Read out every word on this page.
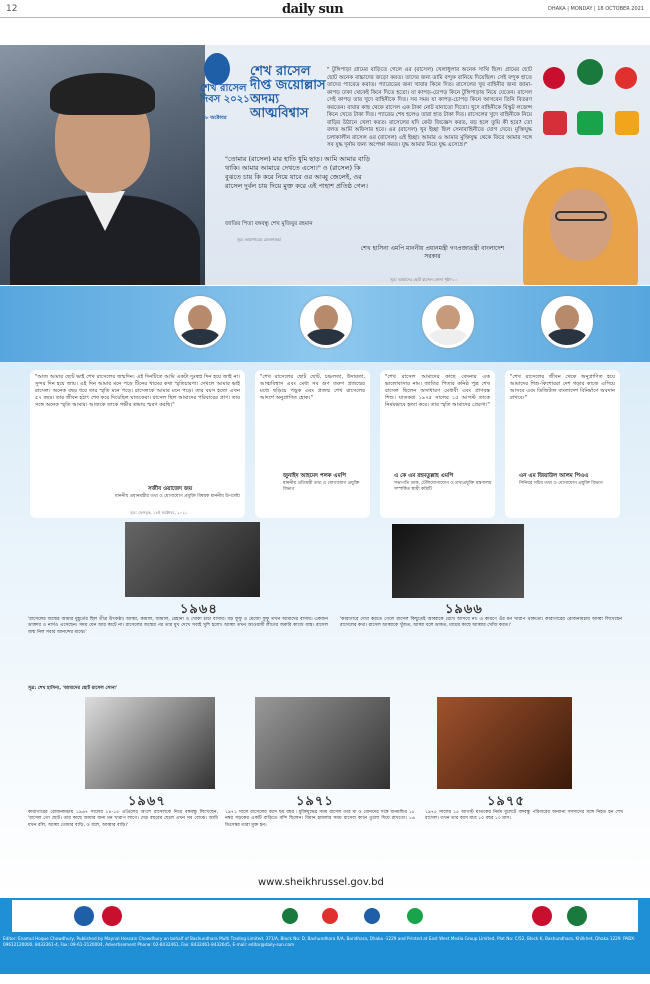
12	daily sun	DHAKA | MONDAY | 18 OCTOBER 2021
শেখ রাসেল দিবস ২০২১
১৮ অক্টোবর
শেখ রাসেল দীপ্ত জয়োল্লাস অদম্য আত্মবিশ্বাস
"তোমার (রাসেল) মার হাতি ধুমি ছাড়। আমি আমার বাড়ি থাকি। আমার আমারে দেখতে এসো।" ও (রাসেল) কি বুঝতে চায় কি করে নিয়ে যাবে ওর আব্বু জেলেই, ওর রাসেল দুর্বল চায় দিয়ে মুক্ত করে এই পাহাশ প্রতিষ্ঠ গেল।
জাতির পিতা বঙ্গবন্ধু শেখ মুজিবুর রহমান
সূত্র: কারাগারের রোজনামচা
" টুঙ্গিপাড়া গ্রামের বাড়িতে গেলে ওর (রাসেল) খেলাধুলার অনেক সাথি ছিল। গ্রামের ছোট ছোট অনেক বাচ্চাদের জড়ো করত। তাদের জন্য ডামি বন্দুক বানিয়ে দিয়েছিল। সেই বন্দুক হাতে তাদের প্যারেড করাত। প্যারেডের জন্য খাবার কিনে দিত। রাসেলের খুব বাহিনীর জন্য জামা-কাপড় ঢাকা থেকেই কিনে দিতে হতো। যা কাপড়-চোপড় কিনে টুঙ্গিপাড়ায় নিয়ে যেতেন। রাসেল সেই কাপড় তার খুদে বাহিনীকে দিত। সব সময় যা কাপড়-চোপড় কিনে আসবেন তিনি বিতরণ করতেন। বাবার কাছ থেকে রাসেল এক টাকা নোট বানাতো দিতো। খুদে বাহিনীকে বিস্কুট লজেন্স কিনে খেতে টাকা দিত। প্যারেড শেষ হলেও তারা হাত টাকা দিত। রাসেলের খুদে বাহিনীকে নিয়ে বাড়ির উঠানে খেলা করত। রাসেলের যদি কেউ জিজ্ঞেস করত, বড় হলে তুমি কী হবে? তো বলত আর্মি অফিসার হবে। ওর (রাসেল) খুব ইচ্ছা ছিল সেনাবাহিনীতে যোগ দেবে। মুক্তিযুদ্ধ চলাকালীন রাসেল ওর (রাসেল) এই ইচ্ছা। আমার ও আমার মুক্তিযুদ্ধ থেকে ফিরে আমার সঙ্গে সব যুদ্ধ দুর্নাম জন্য অপেক্ষা করত। যুদ্ধ আমার নিয়ে যুদ্ধ এসেছে।"
শেখ হাসিনা এমপি মাননীয় প্রধানমন্ত্রী গণপ্রজাতন্ত্রী বাংলাদেশ সরকার
সূত্র: আমাদের ছোট রাসেল সোনা পৃষ্ঠা-১০
"আজ আমার ছোট ভাই শেখ রাসেলের জন্মদিন। এই দিনটিতে আমি একটা দুঃস্বপ্ন দিন হয়ে জাই না। সুন্দর দিন হয়ে জায়। এই দিন আমার মনে পড়ে টিনের খামের কথা স্মৃতিচারণা। দেখলে আমার ভাই রাসেল। অনেক বছর ধরে তার স্মৃতি মনে পড়ে। রাসেলকে আমার মনে পড়ে। তার বয়স হতো এখন ৫৭ বছর। তার জীবন হঠাৎ শেষ করে দিয়েছিল ঘাতকেরা। রাসেল ছিল আমাদের পরিবারের প্রাণ। তার সঙ্গে অনেক স্মৃতি আমার। আজকে তাকে গভীর শ্রদ্ধায় স্মরণ করছি।"
সজীব ওয়াজেদ জয়
মাননীয় প্রধানমন্ত্রীর তথ্য ও যোগাযোগ প্রযুক্তি বিষয়ক মাননীয় উপদেষ্টা
সূত্র: ফেসবুক, ১৮ই অক্টোবর, ২০২১
"শেখ রাসেলের ছোট ছোট, চঞ্চলতা, উদারতা, আত্মবিশ্বাস এবং মেধা সব গুণ তরুণ প্রজন্মের মধ্যে ছড়িয়ে পড়ুক এবং প্রজন্ম শেখ রাসেলের আদর্শে অনুপ্রাণিত হোক।"
জুনাইদ আহমেদ পলক এমপি
মাননীয় প্রতিমন্ত্রী তথ্য ও যোগাযোগ প্রযুক্তি বিভাগ
"শেখ রাসেল আমাদের কাছে বেদনার এক ভালোবাসার নাম। জাতির পিতার কনিষ্ঠ পুত্র শেখ রাসেল ছিলেন অসাধারণ মেধাবী এবং প্রাণবন্ত শিশু। ঘাতকরা ১৯৭৫ সালের ১৫ আগস্ট তাকে নির্মমভাবে হত্যা করে। তার স্মৃতি আমাদের প্রেরণা।"
এ কে এম রহমতুল্লাহ এমপি
সভাপতি ডাক, টেলিযোগাযোগ ও তথ্যপ্রযুক্তি মন্ত্রণালয় সম্পর্কিত স্থায়ী কমিটি
"শেখ রাসেলের জীবন থেকে অনুপ্রাণিত হয়ে আমাদের শিশু-কিশোররা দেশ গড়ার কাজে এগিয়ে আসবে এবং ডিজিটাল বাংলাদেশ বিনির্মাণে অবদান রাখবে।"
এন এম জিয়াউল আলম পিএএ
সিনিয়র সচিব তথ্য ও যোগাযোগ প্রযুক্তি বিভাগ
১৯৬৪
'রাসেলের জন্মের আমার মুহূর্তের ছিল তীব্র উৎকণ্ঠা। আব্বা, কামাল, জামাল, রেহানা ও খোকা চাচা বাসায়। বড় ফুফু ও মেজো ফুফু তখন আমাদের বাসায়। একজন ডাক্তার ও নার্সও এসেছেন। সময় যেন আর কাটে না। রাসেলের জন্মের পর তার মুখ দেখে সবাই খুশি হলো। আব্বা তখন আওয়ামী লীগের জরুরি কাজে ব্যস্ত। রাসেল জন্ম নিল সবার আনন্দের মাঝে।'
সূত্র: শেখ হাসিনা, 'আমাদের ছোট রাসেল সোনা'
১৯৬৬
'কারাগারে দেখা করতে গেলে রাসেল কিছুতেই আব্বাকে রেখে আসবে না। এ কারণে ওঁর মন খারাপ থাকতো। কারাগারের রোজনামচায় আব্বা লিখেছেন রাসেলের কথা। রাসেল আব্বাকে খুঁজত, আব্বা বলে ডাকত, মায়ের কাছে আব্বার খোঁজ করত।'
১৯৬৭
কারাগারের রোজনামচায় ১৯৬৭ সালের ১৪-১৫ এপ্রিলের অংশে রাসেলকে নিয়ে বঙ্গবন্ধু লিখেছেন, 'রাসেল তো ছোট। তার কাছে আমার জন্য মন খারাপ লাগে। দেড় বছরের ছেলে এখন সব বোঝে। আমি যখন বলি, আব্বা তোমার বাড়ি, ও বলে, আব্বার বাড়ি।'
১৯৭১
১৯৭১ সালে রাসেলের বয়স ছয় বছর ৷ মুক্তিযুদ্ধের সময় রাসেল তার মা ও বোনদের সঙ্গে ধানমন্ডির ১৮ নম্বর সড়কের একটি বাড়িতে বন্দি ছিলেন। বিমান হামলার সময় রাসেল কানে তুলো দিয়ে রাখতো। ১৬ ডিসেম্বর তারা মুক্ত হন।
১৯৭৫
১৯৭৫ সালের ১৫ আগস্ট ঘাতকের নির্মম বুলেটে বঙ্গবন্ধু পরিবারের অন্যান্য সদস্যদের সঙ্গে নিহত হন শেখ রাসেল। তখন তার বয়স মাত্র ১০ বছর ১০ মাস।
www.sheikhrussel.gov.bd
Editor: Enamul Hoque Chowdhury, Published by Maynal Hossain Chowdhury on behalf of Bashundhara Multi Trading Limited, 371/A, Block No: D, Bashundhara R/A, Baridhara, Dhaka -1229 and Printed at East West Media Group Limited, Plot No: C/52, Block K, Bashundhara, Khilkhet, Dhaka 1229. PABX: 09612120000, 8432361-4, Fax: 09-61-2120004, Advertisement Phone: 02-8432461, Fax: 8432461-8432645, E-mail: editor@daily-sun.com
